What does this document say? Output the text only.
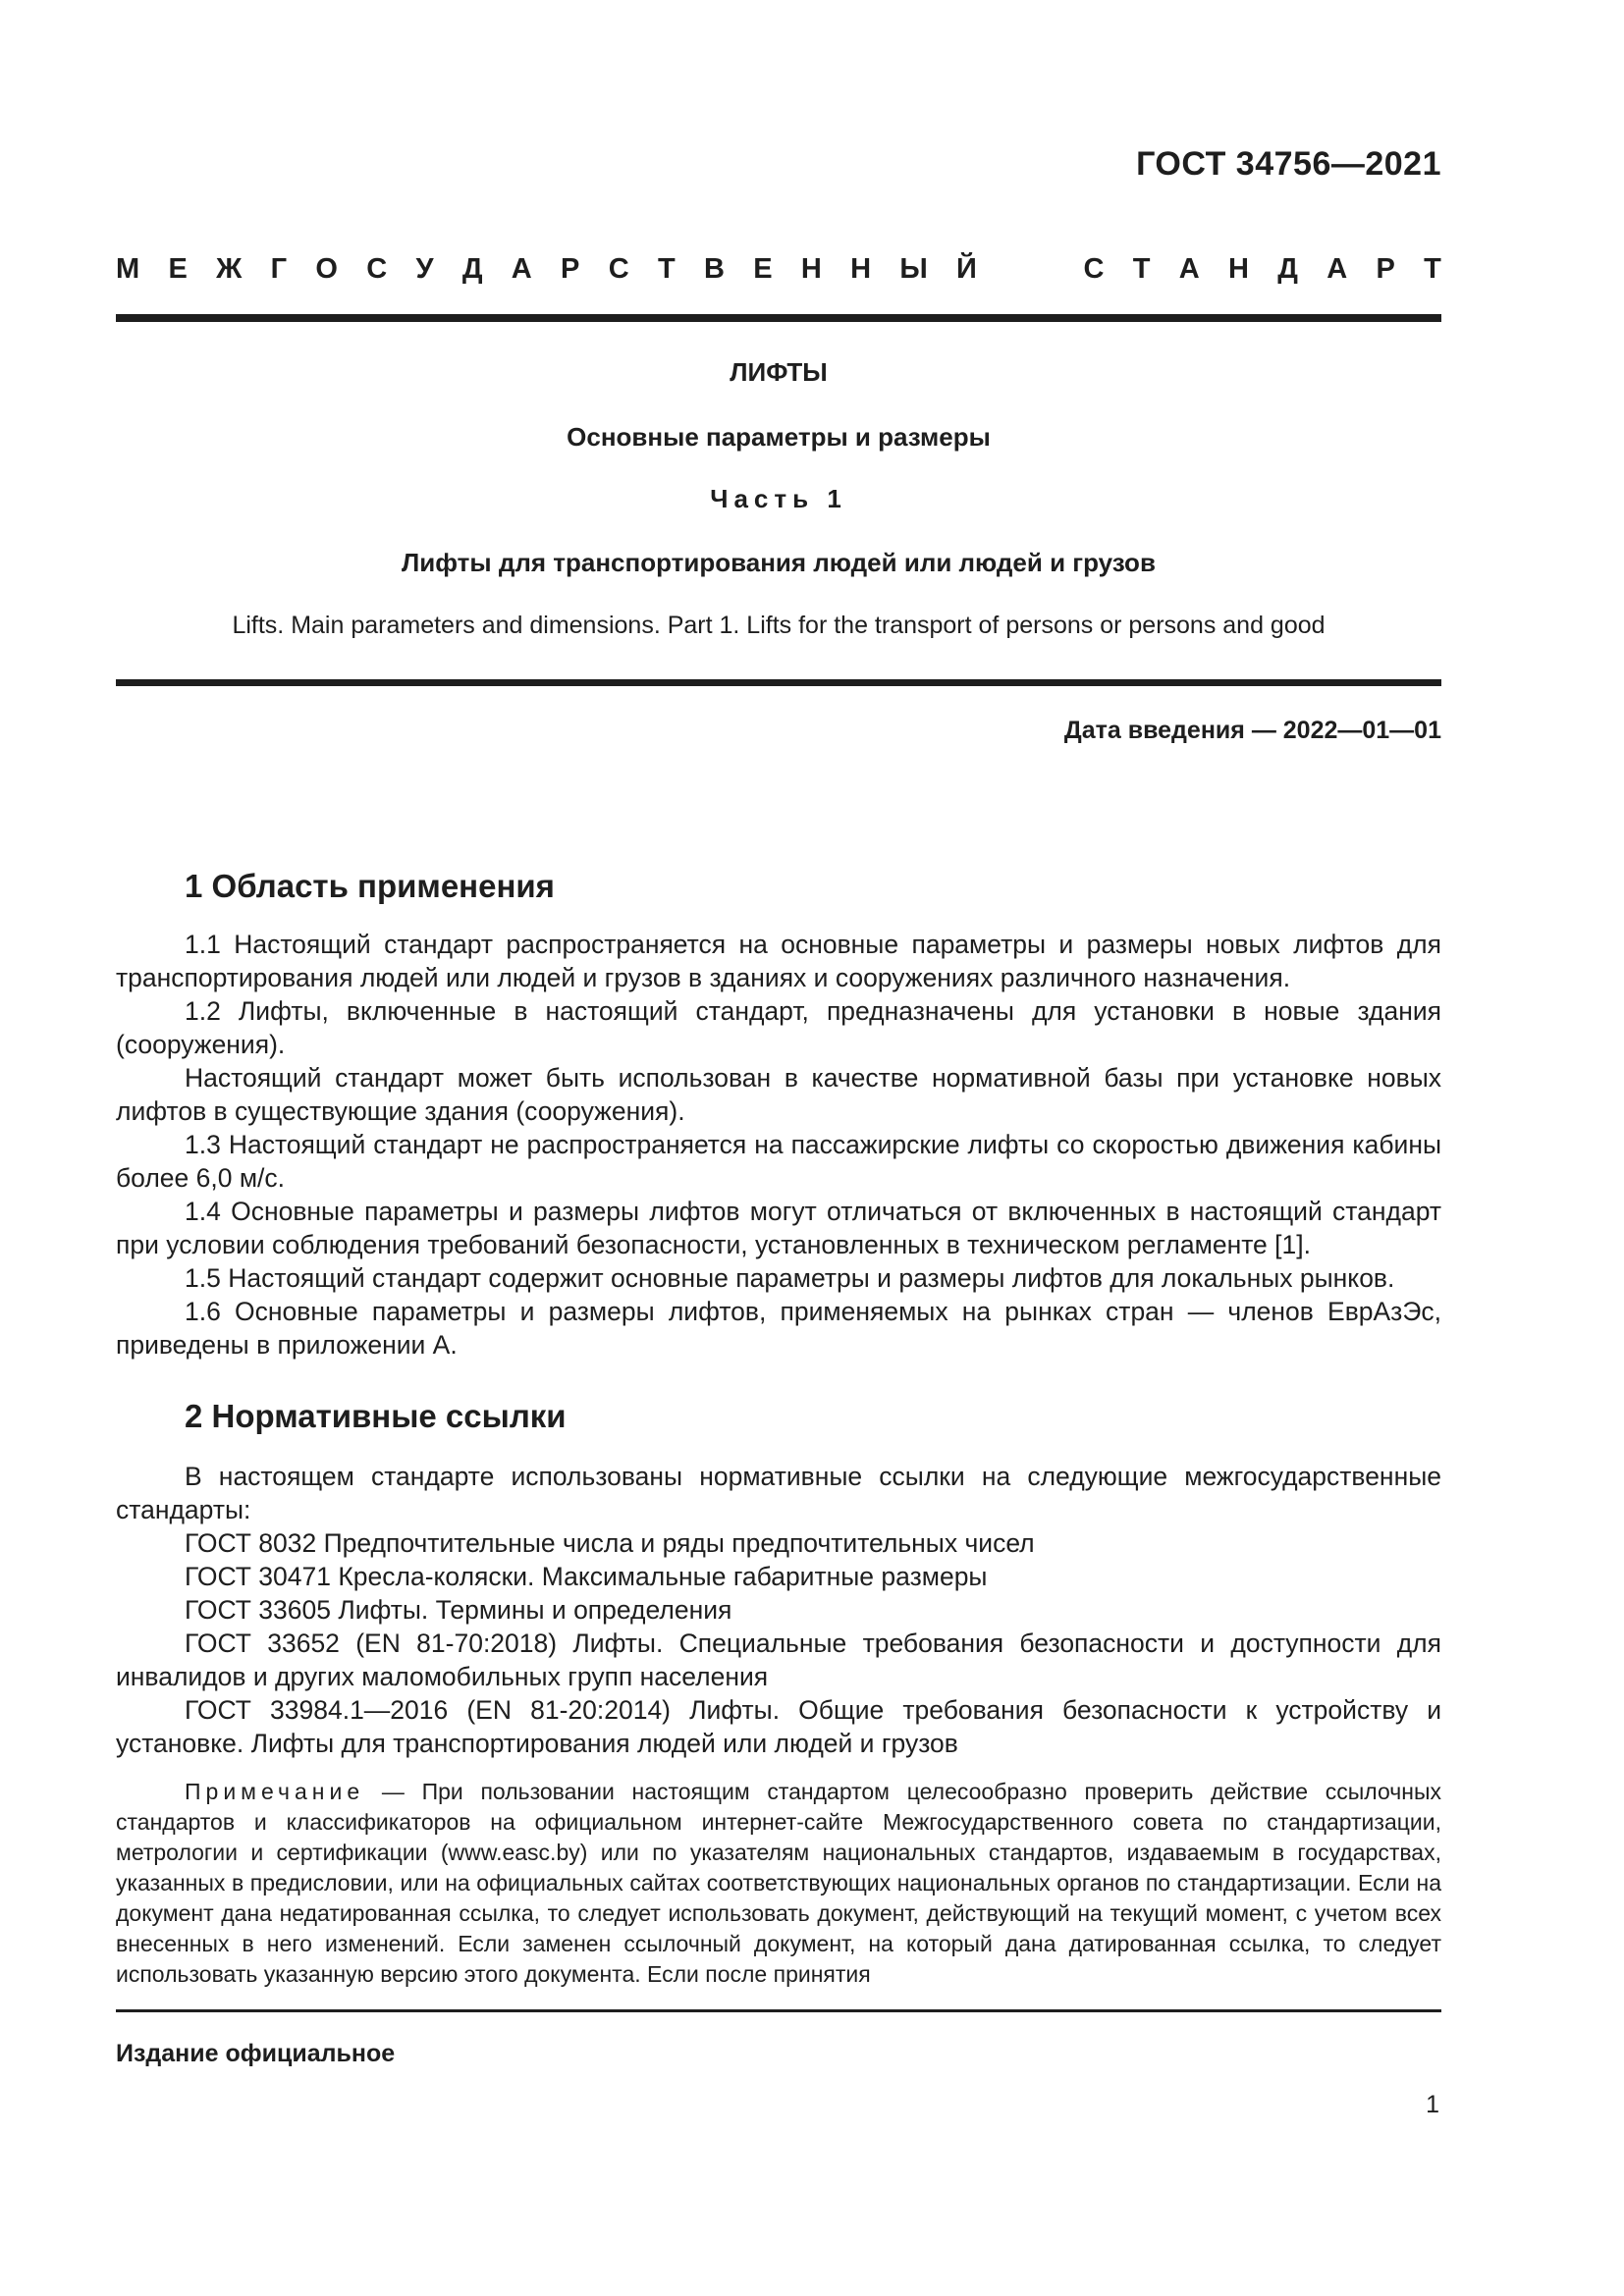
ГОСТ 34756—2021
М Е Ж Г О С У Д А Р С Т В Е Н Н Ы Й	С Т А Н Д А Р Т
ЛИФТЫ
Основные параметры и размеры
Часть 1
Лифты для транспортирования людей или людей и грузов
Lifts. Main parameters and dimensions. Part 1. Lifts for the transport of persons or persons and good
Дата введения — 2022—01—01
1 Область применения

1.1 Настоящий стандарт распространяется на основные параметры и размеры новых лифтов для транспортирования людей или людей и грузов в зданиях и сооружениях различного назначения.

1.2 Лифты, включенные в настоящий стандарт, предназначены для установки в новые здания (сооружения).

Настоящий стандарт может быть использован в качестве нормативной базы при установке новых лифтов в существующие здания (сооружения).

1.3 Настоящий стандарт не распространяется на пассажирские лифты со скоростью движения кабины более 6,0 м/с.

1.4 Основные параметры и размеры лифтов могут отличаться от включенных в настоящий стандарт при условии соблюдения требований безопасности, установленных в техническом регламенте [1].

1.5 Настоящий стандарт содержит основные параметры и размеры лифтов для локальных рынков.

1.6 Основные параметры и размеры лифтов, применяемых на рынках стран — членов ЕврАзЭс, приведены в приложении А.

2 Нормативные ссылки

В настоящем стандарте использованы нормативные ссылки на следующие межгосударственные стандарты:

ГОСТ 8032 Предпочтительные числа и ряды предпочтительных чисел

ГОСТ 30471 Кресла-коляски. Максимальные габаритные размеры

ГОСТ 33605 Лифты. Термины и определения

ГОСТ 33652 (EN 81-70:2018) Лифты. Специальные требования безопасности и доступности для инвалидов и других маломобильных групп населения

ГОСТ 33984.1—2016 (EN 81-20:2014) Лифты. Общие требования безопасности к устройству и установке. Лифты для транспортирования людей или людей и грузов

Примечание — При пользовании настоящим стандартом целесообразно проверить действие ссылочных стандартов и классификаторов на официальном интернет-сайте Межгосударственного совета по стандартизации, метрологии и сертификации (www.easc.by) или по указателям национальных стандартов, издаваемым в государствах, указанных в предисловии, или на официальных сайтах соответствующих национальных органов по стандартизации. Если на документ дана недатированная ссылка, то следует использовать документ, действующий на текущий момент, с учетом всех внесенных в него изменений. Если заменен ссылочный документ, на который дана датированная ссылка, то следует использовать указанную версию этого документа. Если после принятия
Издание официальное
1
